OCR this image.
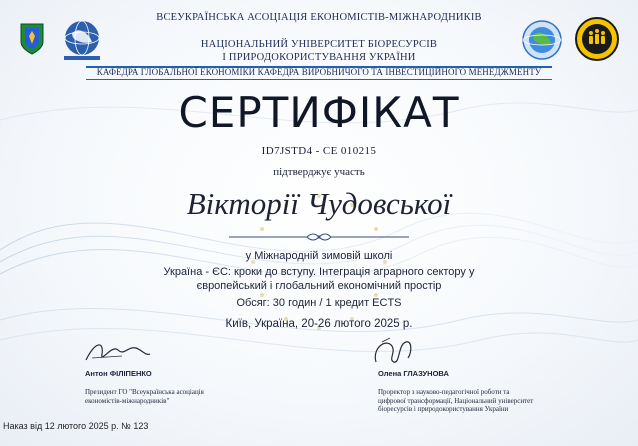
ВСЕУКРАЇНСЬКА АСОЦІАЦІЯ ЕКОНОМІСТІВ-МІЖНАРОДНИКІВ
НАЦІОНАЛЬНИЙ УНІВЕРСИТЕТ БІОРЕСУРСІВ
І ПРИРОДОКОРИСТУВАННЯ УКРАЇНИ
КАФЕДРА ГЛОБАЛЬНОЇ ЕКОНОМІКИ КАФЕДРА ВИРОБНИЧОГО ТА ІНВЕСТИЦІЙНОГО МЕНЕДЖМЕНТУ
СЕРТИФІКАТ
ID7JSTD4 - CE 010215
підтверджує участь
Вікторії Чудовської
у Міжнародній зимовій школі
Україна - ЄС: кроки до вступу. Інтеграція аграрного сектору у
європейський і глобальний економічний простір
Обсяг: 30 годин / 1 кредит ECTS
Київ, Україна, 20-26 лютого 2025 р.
Антон ФІЛІПЕНКО
Президент ГО "Всеукраїнська асоціація
економістів-міжнародників"
Олена ГЛАЗУНОВА
Проректор з науково-педагогічної роботи та
цифрової трансформації, Національний університет
біоресурсів і природокористування України
Наказ від 12 лютого 2025 р. № 123
